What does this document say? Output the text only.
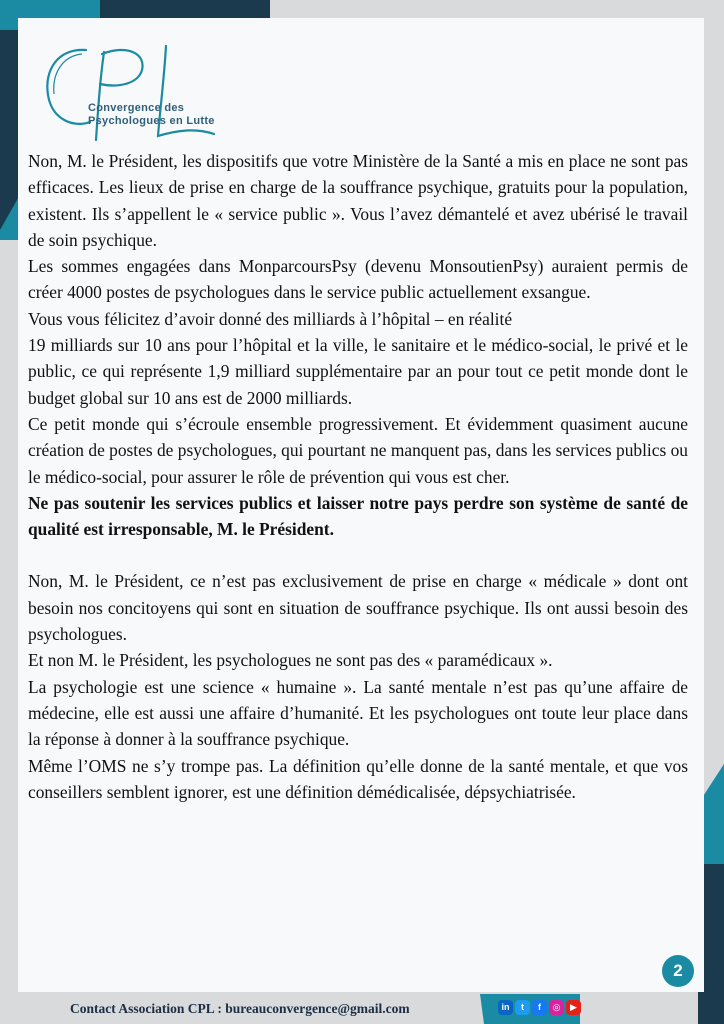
Convergence des
Psychologues en Lutte

Non, M. le Président, les dispositifs que votre Ministère de la Santé a mis en place ne sont pas efficaces. Les lieux de prise en charge de la souffrance psychique, gratuits pour la population, existent. Ils s’appellent le « service public ». Vous l’avez démantelé et avez ubérisé le travail de soin psychique.

Les sommes engagées dans MonparcoursPsy (devenu MonsoutienPsy) auraient permis de créer 4000 postes de psychologues dans le service public actuellement exsangue.

Vous vous félicitez d’avoir donné des milliards à l’hôpital – en réalité

19 milliards sur 10 ans pour l’hôpital et la ville, le sanitaire et le médico-social, le privé et le public, ce qui représente 1,9 milliard supplémentaire par an pour tout ce petit monde dont le budget global sur 10 ans est de 2000 milliards.

Ce petit monde qui s’écroule ensemble progressivement. Et évidemment quasiment aucune création de postes de psychologues, qui pourtant ne manquent pas, dans les services publics ou le médico-social, pour assurer le rôle de prévention qui vous est cher.

Ne pas soutenir les services publics et laisser notre pays perdre son système de santé de qualité est irresponsable, M. le Président.

Non, M. le Président, ce n’est pas exclusivement de prise en charge « médicale » dont ont besoin nos concitoyens qui sont en situation de souffrance psychique. Ils ont aussi besoin des psychologues.

Et non M. le Président, les psychologues ne sont pas des « paramédicaux ».

La psychologie est une science « humaine ». La santé mentale n’est pas qu’une affaire de médecine, elle est aussi une affaire d’humanité. Et les psychologues ont toute leur place dans la réponse à donner à la souffrance psychique.

Même l’OMS ne s’y trompe pas. La définition qu’elle donne de la santé mentale, et que vos conseillers semblent ignorer, est une définition démédicalisée, dépsychiatrisée.

2
Contact Association CPL : bureauconvergence@gmail.com	in	t	f	◎	▶
